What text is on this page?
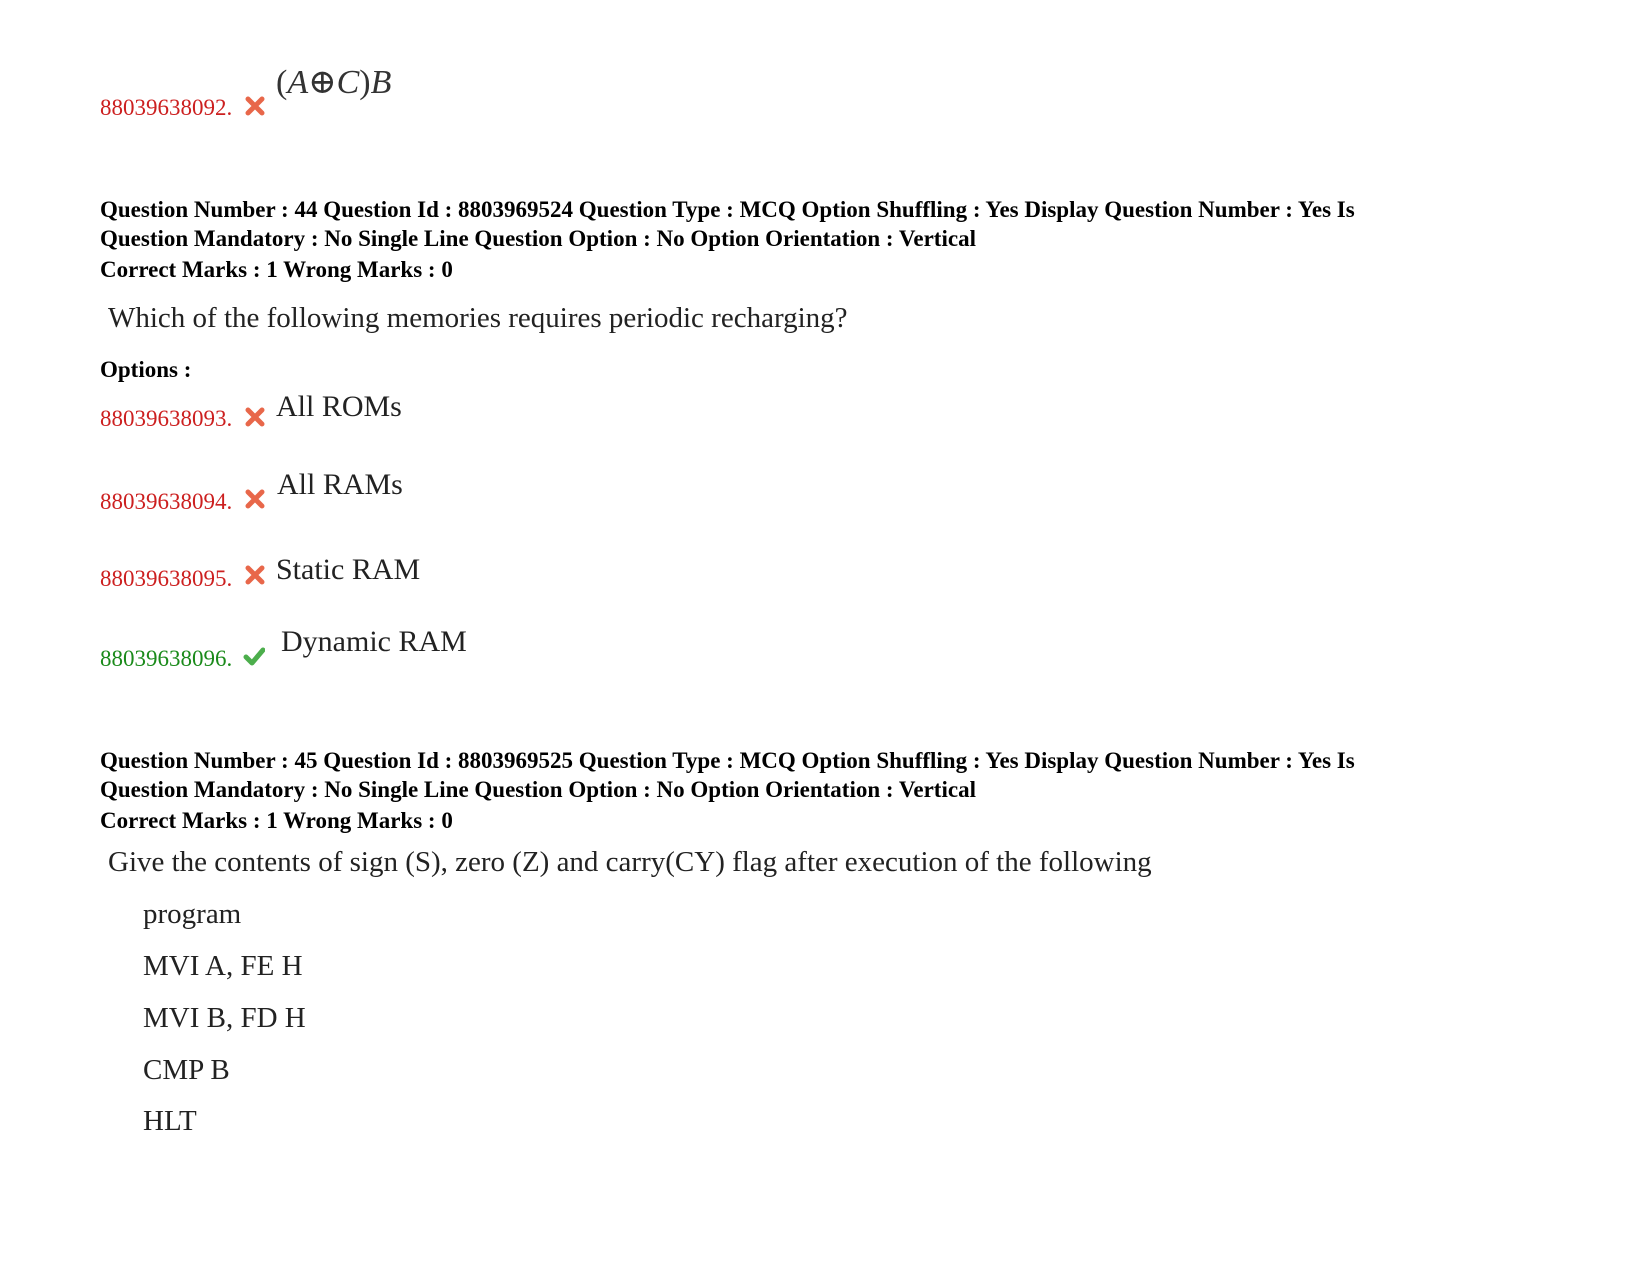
88039638092.
(A⊕C)B
Question Number : 44 Question Id : 8803969524 Question Type : MCQ Option Shuffling : Yes Display Question Number : Yes Is
Question Mandatory : No Single Line Question Option : No Option Orientation : Vertical
Correct Marks : 1 Wrong Marks : 0
Which of the following memories requires periodic recharging?
Options :
88039638093. All ROMs
88039638094.
All RAMs
88039638095. Static RAM
88039638096.
Dynamic RAM
Question Number : 45 Question Id : 8803969525 Question Type : MCQ Option Shuffling : Yes Display Question Number : Yes Is
Question Mandatory : No Single Line Question Option : No Option Orientation : Vertical
Correct Marks : 1 Wrong Marks : 0
Give the contents of sign (S), zero (Z) and carry(CY) flag after execution of the following
program
MVI A, FE H
MVI B, FD H
CMP B
HLT
